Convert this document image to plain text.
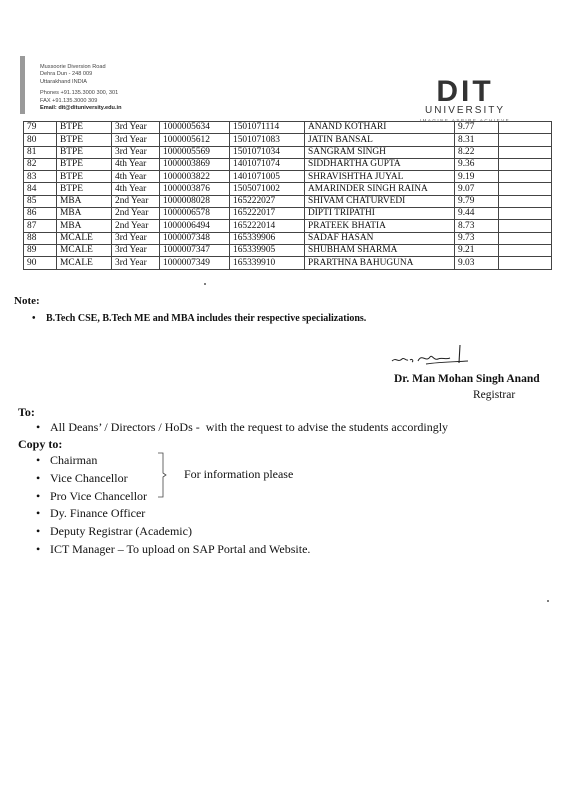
Mussoorie Diversion Road
Dehra Dun - 248 009
Uttarakhand INDIA
Phones +91.135.3000 300, 301
FAX +91.135.3000 309
Email: dit@dituniversity.edu.in
DIT
UNIVERSITY
IMAGINE ASPIRE ACHIEVE
79	BTPE	3rd Year	1000005634	1501071114	ANAND KOTHARI	9.77	
80	BTPE	3rd Year	1000005612	1501071083	JATIN BANSAL	8.31	
81	BTPE	3rd Year	1000005569	1501071034	SANGRAM SINGH	8.22	
82	BTPE	4th Year	1000003869	1401071074	SIDDHARTHA GUPTA	9.36	
83	BTPE	4th Year	1000003822	1401071005	SHRAVISHTHA JUYAL	9.19	
84	BTPE	4th Year	1000003876	1505071002	AMARINDER SINGH RAINA	9.07	
85	MBA	2nd Year	1000008028	165222027	SHIVAM CHATURVEDI	9.79	
86	MBA	2nd Year	1000006578	165222017	DIPTI TRIPATHI	9.44	
87	MBA	2nd Year	1000006494	165222014	PRATEEK BHATIA	8.73	
88	MCALE	3rd Year	1000007348	165339906	SADAF HASAN	9.73	
89	MCALE	3rd Year	1000007347	165339905	SHUBHAM SHARMA	9.21	
90	MCALE	3rd Year	1000007349	165339910	PRARTHNA BAHUGUNA	9.03	
Note:
• B.Tech CSE, B.Tech ME and MBA includes their respective specializations.
Dr. Man Mohan Singh Anand
Registrar
To:
• All Deans’ / Directors / HoDs - with the request to advise the students accordingly
Copy to:
• Chairman
• Vice Chancellor
• Pro Vice Chancellor
• Dy. Finance Officer
• Deputy Registrar (Academic)
• ICT Manager – To upload on SAP Portal and Website.
For information please
